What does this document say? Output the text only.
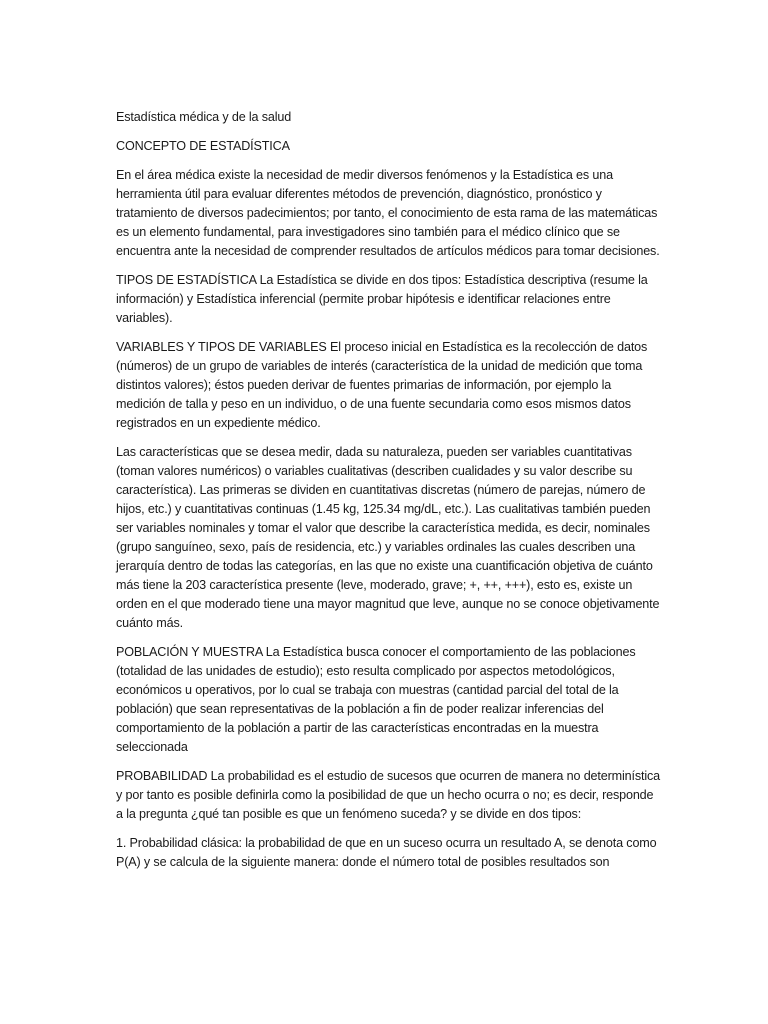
Estadística médica y de la salud

CONCEPTO DE ESTADÍSTICA

En el área médica existe la necesidad de medir diversos fenómenos y la Estadística es una herramienta útil para evaluar diferentes métodos de prevención, diagnóstico, pronóstico y tratamiento de diversos padecimientos; por tanto, el conocimiento de esta rama de las matemáticas es un elemento fundamental, para investigadores sino también para el médico clínico que se encuentra ante la necesidad de comprender resultados de artículos médicos para tomar decisiones.

TIPOS DE ESTADÍSTICA La Estadística se divide en dos tipos: Estadística descriptiva (resume la información) y Estadística inferencial (permite probar hipótesis e identificar relaciones entre variables).

VARIABLES Y TIPOS DE VARIABLES El proceso inicial en Estadística es la recolección de datos (números) de un grupo de variables de interés (característica de la unidad de medición que toma distintos valores); éstos pueden derivar de fuentes primarias de información, por ejemplo la medición de talla y peso en un individuo, o de una fuente secundaria como esos mismos datos registrados en un expediente médico.

Las características que se desea medir, dada su naturaleza, pueden ser variables cuantitativas (toman valores numéricos) o variables cualitativas (describen cualidades y su valor describe su característica). Las primeras se dividen en cuantitativas discretas (número de parejas, número de hijos, etc.) y cuantitativas continuas (1.45 kg, 125.34 mg/dL, etc.). Las cualitativas también pueden ser variables nominales y tomar el valor que describe la característica medida, es decir, nominales (grupo sanguíneo, sexo, país de residencia, etc.) y variables ordinales las cuales describen una jerarquía dentro de todas las categorías, en las que no existe una cuantificación objetiva de cuánto más tiene la 203 característica presente (leve, moderado, grave; +, ++, +++), esto es, existe un orden en el que moderado tiene una mayor magnitud que leve, aunque no se conoce objetivamente cuánto más.

POBLACIÓN Y MUESTRA La Estadística busca conocer el comportamiento de las poblaciones (totalidad de las unidades de estudio); esto resulta complicado por aspectos metodológicos, económicos u operativos, por lo cual se trabaja con muestras (cantidad parcial del total de la población) que sean representativas de la población a fin de poder realizar inferencias del comportamiento de la población a partir de las características encontradas en la muestra seleccionada

PROBABILIDAD La probabilidad es el estudio de sucesos que ocurren de manera no determinística y por tanto es posible definirla como la posibilidad de que un hecho ocurra o no; es decir, responde a la pregunta ¿qué tan posible es que un fenómeno suceda? y se divide en dos tipos:

1. Probabilidad clásica: la probabilidad de que en un suceso ocurra un resultado A, se denota como P(A) y se calcula de la siguiente manera: donde el número total de posibles resultados son
